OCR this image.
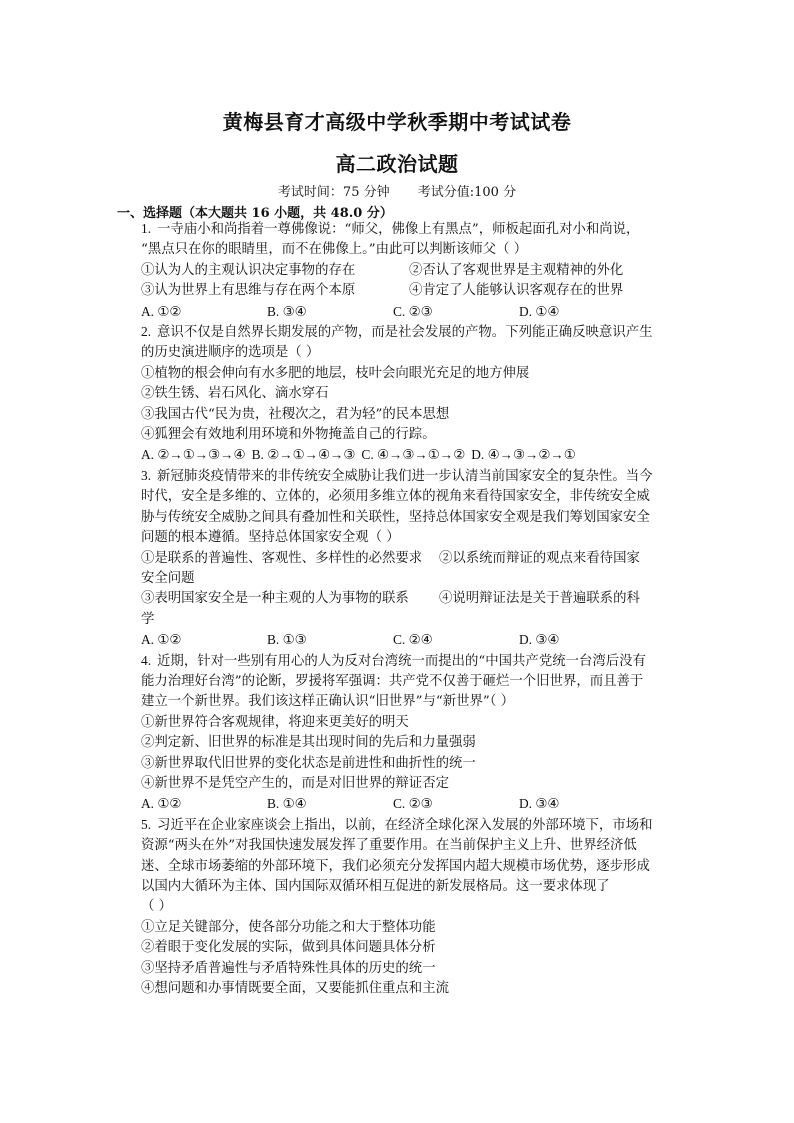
黄梅县育才高级中学秋季期中考试试卷
高二政治试题
考试时间：75 分钟 考试分值:100 分
一、选择题（本大题共 16 小题，共 48.0 分）
1. 一寺庙小和尚指着一尊佛像说：“师父，佛像上有黑点”，师板起面孔对小和尚说，
“黑点只在你的眼睛里，而不在佛像上。”由此可以判断该师父（ ）
①认为人的主观认识决定事物的存在	②否认了客观世界是主观精神的外化
③认为世界上有思维与存在两个本原	④肯定了人能够认识客观存在的世界
A. ①②	B. ③④	C. ②③	D. ①④
2. 意识不仅是自然界长期发展的产物，而是社会发展的产物。下列能正确反映意识产生
的历史演进顺序的选项是（ ）
①植物的根会伸向有水多肥的地层，枝叶会向眼光充足的地方伸展
②铁生锈、岩石风化、滴水穿石
③我国古代“民为贵，社稷次之，君为轻”的民本思想
④狐狸会有效地利用环境和外物掩盖自己的行踪。
A. ②→①→③→④ B. ②→①→④→③ C. ④→③→①→② D. ④→③→②→①
3. 新冠肺炎疫情带来的非传统安全威胁让我们进一步认清当前国家安全的复杂性。当今
时代，安全是多维的、立体的，必须用多维立体的视角来看待国家安全，非传统安全威
胁与传统安全威胁之间具有叠加性和关联性，坚持总体国家安全观是我们筹划国家安全
问题的根本遵循。坚持总体国家安全观（ ）
①是联系的普遍性、客观性、多样性的必然要求	②以系统而辩证的观点来看待国家
安全问题
③表明国家安全是一种主观的人为事物的联系	④说明辩证法是关于普遍联系的科
学
A. ①②	B. ①③	C. ②④	D. ③④
4. 近期，针对一些别有用心的人为反对台湾统一而提出的“中国共产党统一台湾后没有
能力治理好台湾”的论断，罗援将军强调：共产党不仅善于砸烂一个旧世界，而且善于
建立一个新世界。我们该这样正确认识“旧世界”与“新世界”（ ）
①新世界符合客观规律，将迎来更美好的明天
②判定新、旧世界的标准是其出现时间的先后和力量强弱
③新世界取代旧世界的变化状态是前进性和曲折性的统一
④新世界不是凭空产生的，而是对旧世界的辩证否定
A. ①②	B. ①④	C. ②③	D. ③④
5. 习近平在企业家座谈会上指出，以前，在经济全球化深入发展的外部环境下，市场和
资源“两头在外”对我国快速发展发挥了重要作用。在当前保护主义上升、世界经济低
迷、全球市场萎缩的外部环境下，我们必须充分发挥国内超大规模市场优势，逐步形成
以国内大循环为主体、国内国际双循环相互促进的新发展格局。这一要求体现了
（ ）
①立足关键部分，使各部分功能之和大于整体功能
②着眼于变化发展的实际，做到具体问题具体分析
③坚持矛盾普遍性与矛盾特殊性具体的历史的统一
④想问题和办事情既要全面，又要能抓住重点和主流
